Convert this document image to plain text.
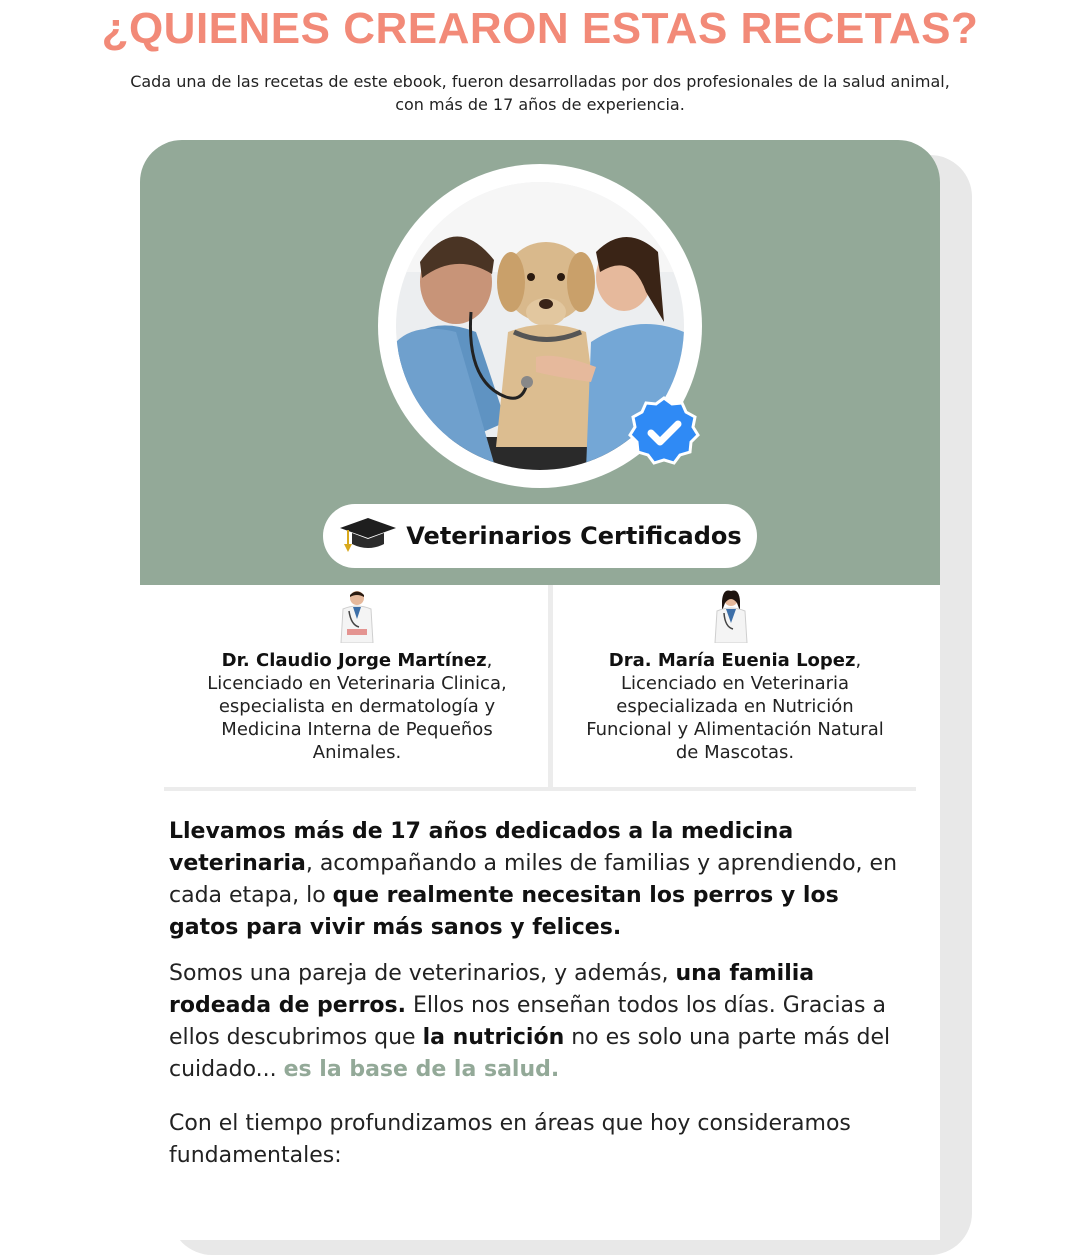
¿QUIENES CREARON ESTAS RECETAS?

Cada una de las recetas de este ebook, fueron desarrolladas por dos profesionales de la salud animal, con más de 17 años de experiencia.

Veterinarios Certificados
Dr. Claudio Jorge Martínez,
Licenciado en Veterinaria Clinica, especialista en dermatología y Medicina Interna de Pequeños Animales.
Dra. María Euenia Lopez,
Licenciado en Veterinaria especializada en Nutrición Funcional y Alimentación Natural de Mascotas.

Llevamos más de 17 años dedicados a la medicina veterinaria, acompañando a miles de familias y aprendiendo, en cada etapa, lo que realmente necesitan los perros y los gatos para vivir más sanos y felices.

Somos una pareja de veterinarios, y además, una familia rodeada de perros. Ellos nos enseñan todos los días. Gracias a ellos descubrimos que la nutrición no es solo una parte más del cuidado... es la base de la salud.

Con el tiempo profundizamos en áreas que hoy consideramos fundamentales:
